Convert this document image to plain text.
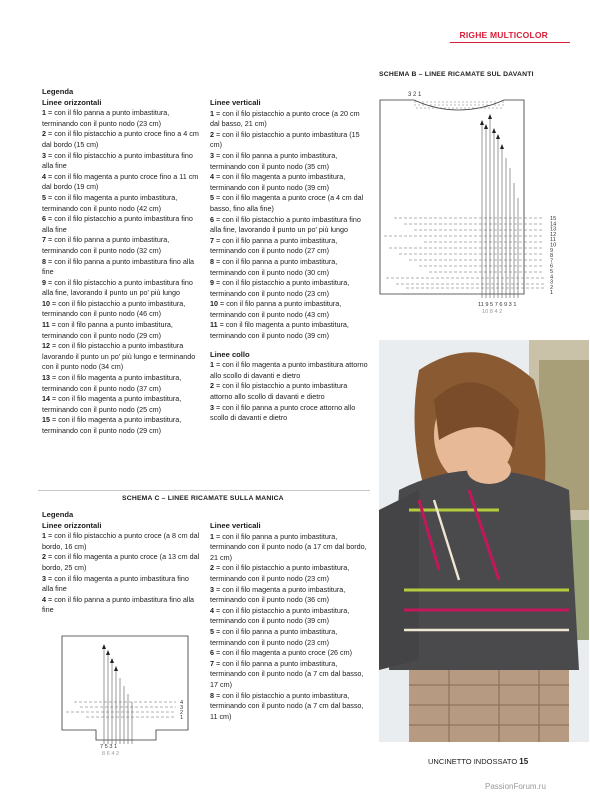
RIGHE MULTICOLOR
SCHEMA B – LINEE RICAMATE SUL DAVANTI
3 2 1
15 14 13 12 11 10 9 8 7 6 5 4 3 2 1
11 9 5 7 6 9 3 1
10 8 4 2
Legenda
Linee orizzontali

1 = con il filo panna a punto imbastitura, terminando con il punto nodo (23 cm)

2 = con il filo pistacchio a punto croce fino a 4 cm dal bordo (15 cm)

3 = con il filo pistacchio a punto imbastitura fino alla fine

4 = con il filo magenta a punto croce fino a 11 cm dal bordo (19 cm)

5 = con il filo magenta a punto imbastitura, terminando con il punto nodo (42 cm)

6 = con il filo pistacchio a punto imbastitura fino alla fine

7 = con il filo panna a punto imbastitura, terminando con il punto nodo (32 cm)

8 = con il filo panna a punto imbastitura fino alla fine

9 = con il filo pistacchio a punto imbastitura fino alla fine, lavorando il punto un po' più lungo

10 = con il filo pistacchio a punto imbastitura, terminando con il punto nodo (46 cm)

11 = con il filo panna a punto imbastitura, terminando con il punto nodo (29 cm)

12 = con il filo pistacchio a punto imbastitura lavorando il punto un po' più lungo e terminando con il punto nodo (34 cm)

13 = con il filo magenta a punto imbastitura, terminando con il punto nodo (37 cm)

14 = con il filo magenta a punto imbastitura, terminando con il punto nodo (25 cm)

15 = con il filo magenta a punto imbastitura, terminando con il punto nodo (29 cm)

Linee verticali

1 = con il filo pistacchio a punto croce (a 20 cm dal basso, 21 cm)

2 = con il filo pistacchio a punto imbastitura (15 cm)

3 = con il filo panna a punto imbastitura, terminando con il punto nodo (35 cm)

4 = con il filo magenta a punto imbastitura, terminando con il punto nodo (39 cm)

5 = con il filo magenta a punto croce (a 4 cm dal basso, fino alla fine)

6 = con il filo pistacchio a punto imbastitura fino alla fine, lavorando il punto un po' più lungo

7 = con il filo panna a punto imbastitura, terminando con il punto nodo (27 cm)

8 = con il filo panna a punto imbastitura, terminando con il punto nodo (30 cm)

9 = con il filo pistacchio a punto imbastitura, terminando con il punto nodo (23 cm)

10 = con il filo panna a punto imbastitura, terminando con il punto nodo (43 cm)

11 = con il filo magenta a punto imbastitura, terminando con il punto nodo (39 cm)

Linee collo

1 = con il filo magenta a punto imbastitura attorno allo scollo di davanti e dietro

2 = con il filo pistacchio a punto imbastitura attorno allo scollo di davanti e dietro

3 = con il filo panna a punto croce attorno allo scollo di davanti e dietro

SCHEMA C – LINEE RICAMATE SULLA MANICA
Legenda
Linee orizzontali

1 = con il filo pistacchio a punto croce (a 8 cm dal bordo, 16 cm)

2 = con il filo magenta a punto croce (a 13 cm dal bordo, 25 cm)

3 = con il filo magenta a punto imbastitura fino alla fine

4 = con il filo panna a punto imbastitura fino alla fine

Linee verticali

1 = con il filo panna a punto imbastitura, terminando con il punto nodo (a 17 cm dal bordo, 21 cm)

2 = con il filo pistacchio a punto imbastitura, terminando con il punto nodo (23 cm)

3 = con il filo magenta a punto imbastitura, terminando con il punto nodo (36 cm)

4 = con il filo pistacchio a punto imbastitura, terminando con il punto nodo (39 cm)

5 = con il filo panna a punto imbastitura, terminando con il punto nodo (23 cm)

6 = con il filo magenta a punto croce (26 cm)

7 = con il filo panna a punto imbastitura, terminando con il punto nodo (a 7 cm dal basso, 17 cm)

8 = con il filo pistacchio a punto imbastitura, terminando con il punto nodo (a 7 cm dal basso, 11 cm)

4 3 2 1
7 5 3 1
8 6 4 2
UNCINETTO INDOSSATO 15
PassionForum.ru
